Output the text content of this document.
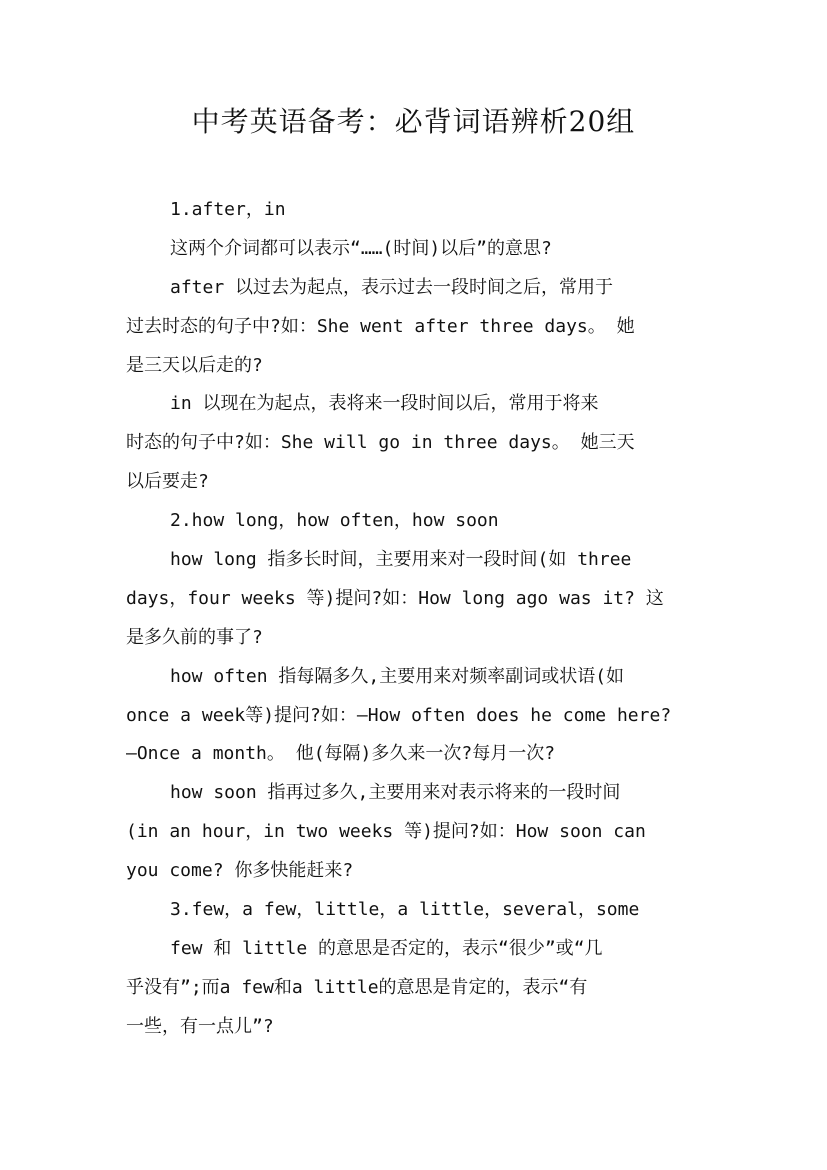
中考英语备考：必背词语辨析20组
1.after，in
这两个介词都可以表示“……(时间)以后”的意思?
after 以过去为起点，表示过去一段时间之后，常用于
过去时态的句子中?如：She went after three days。 她
是三天以后走的?
in 以现在为起点，表将来一段时间以后，常用于将来
时态的句子中?如：She will go in three days。 她三天
以后要走?
2.how long，how often，how soon
how long 指多长时间，主要用来对一段时间(如 three
days，four weeks 等)提问?如：How long ago was it? 这
是多久前的事了?
how often 指每隔多久,主要用来对频率副词或状语(如
once a week等)提问?如：—How often does he come here?
—Once a month。 他(每隔)多久来一次?每月一次?
how soon 指再过多久,主要用来对表示将来的一段时间
(in an hour，in two weeks 等)提问?如：How soon can
you come? 你多快能赶来?
3.few，a few，little，a little，several，some
few 和 little 的意思是否定的，表示“很少”或“几
乎没有”;而a few和a little的意思是肯定的，表示“有
一些，有一点儿”?
